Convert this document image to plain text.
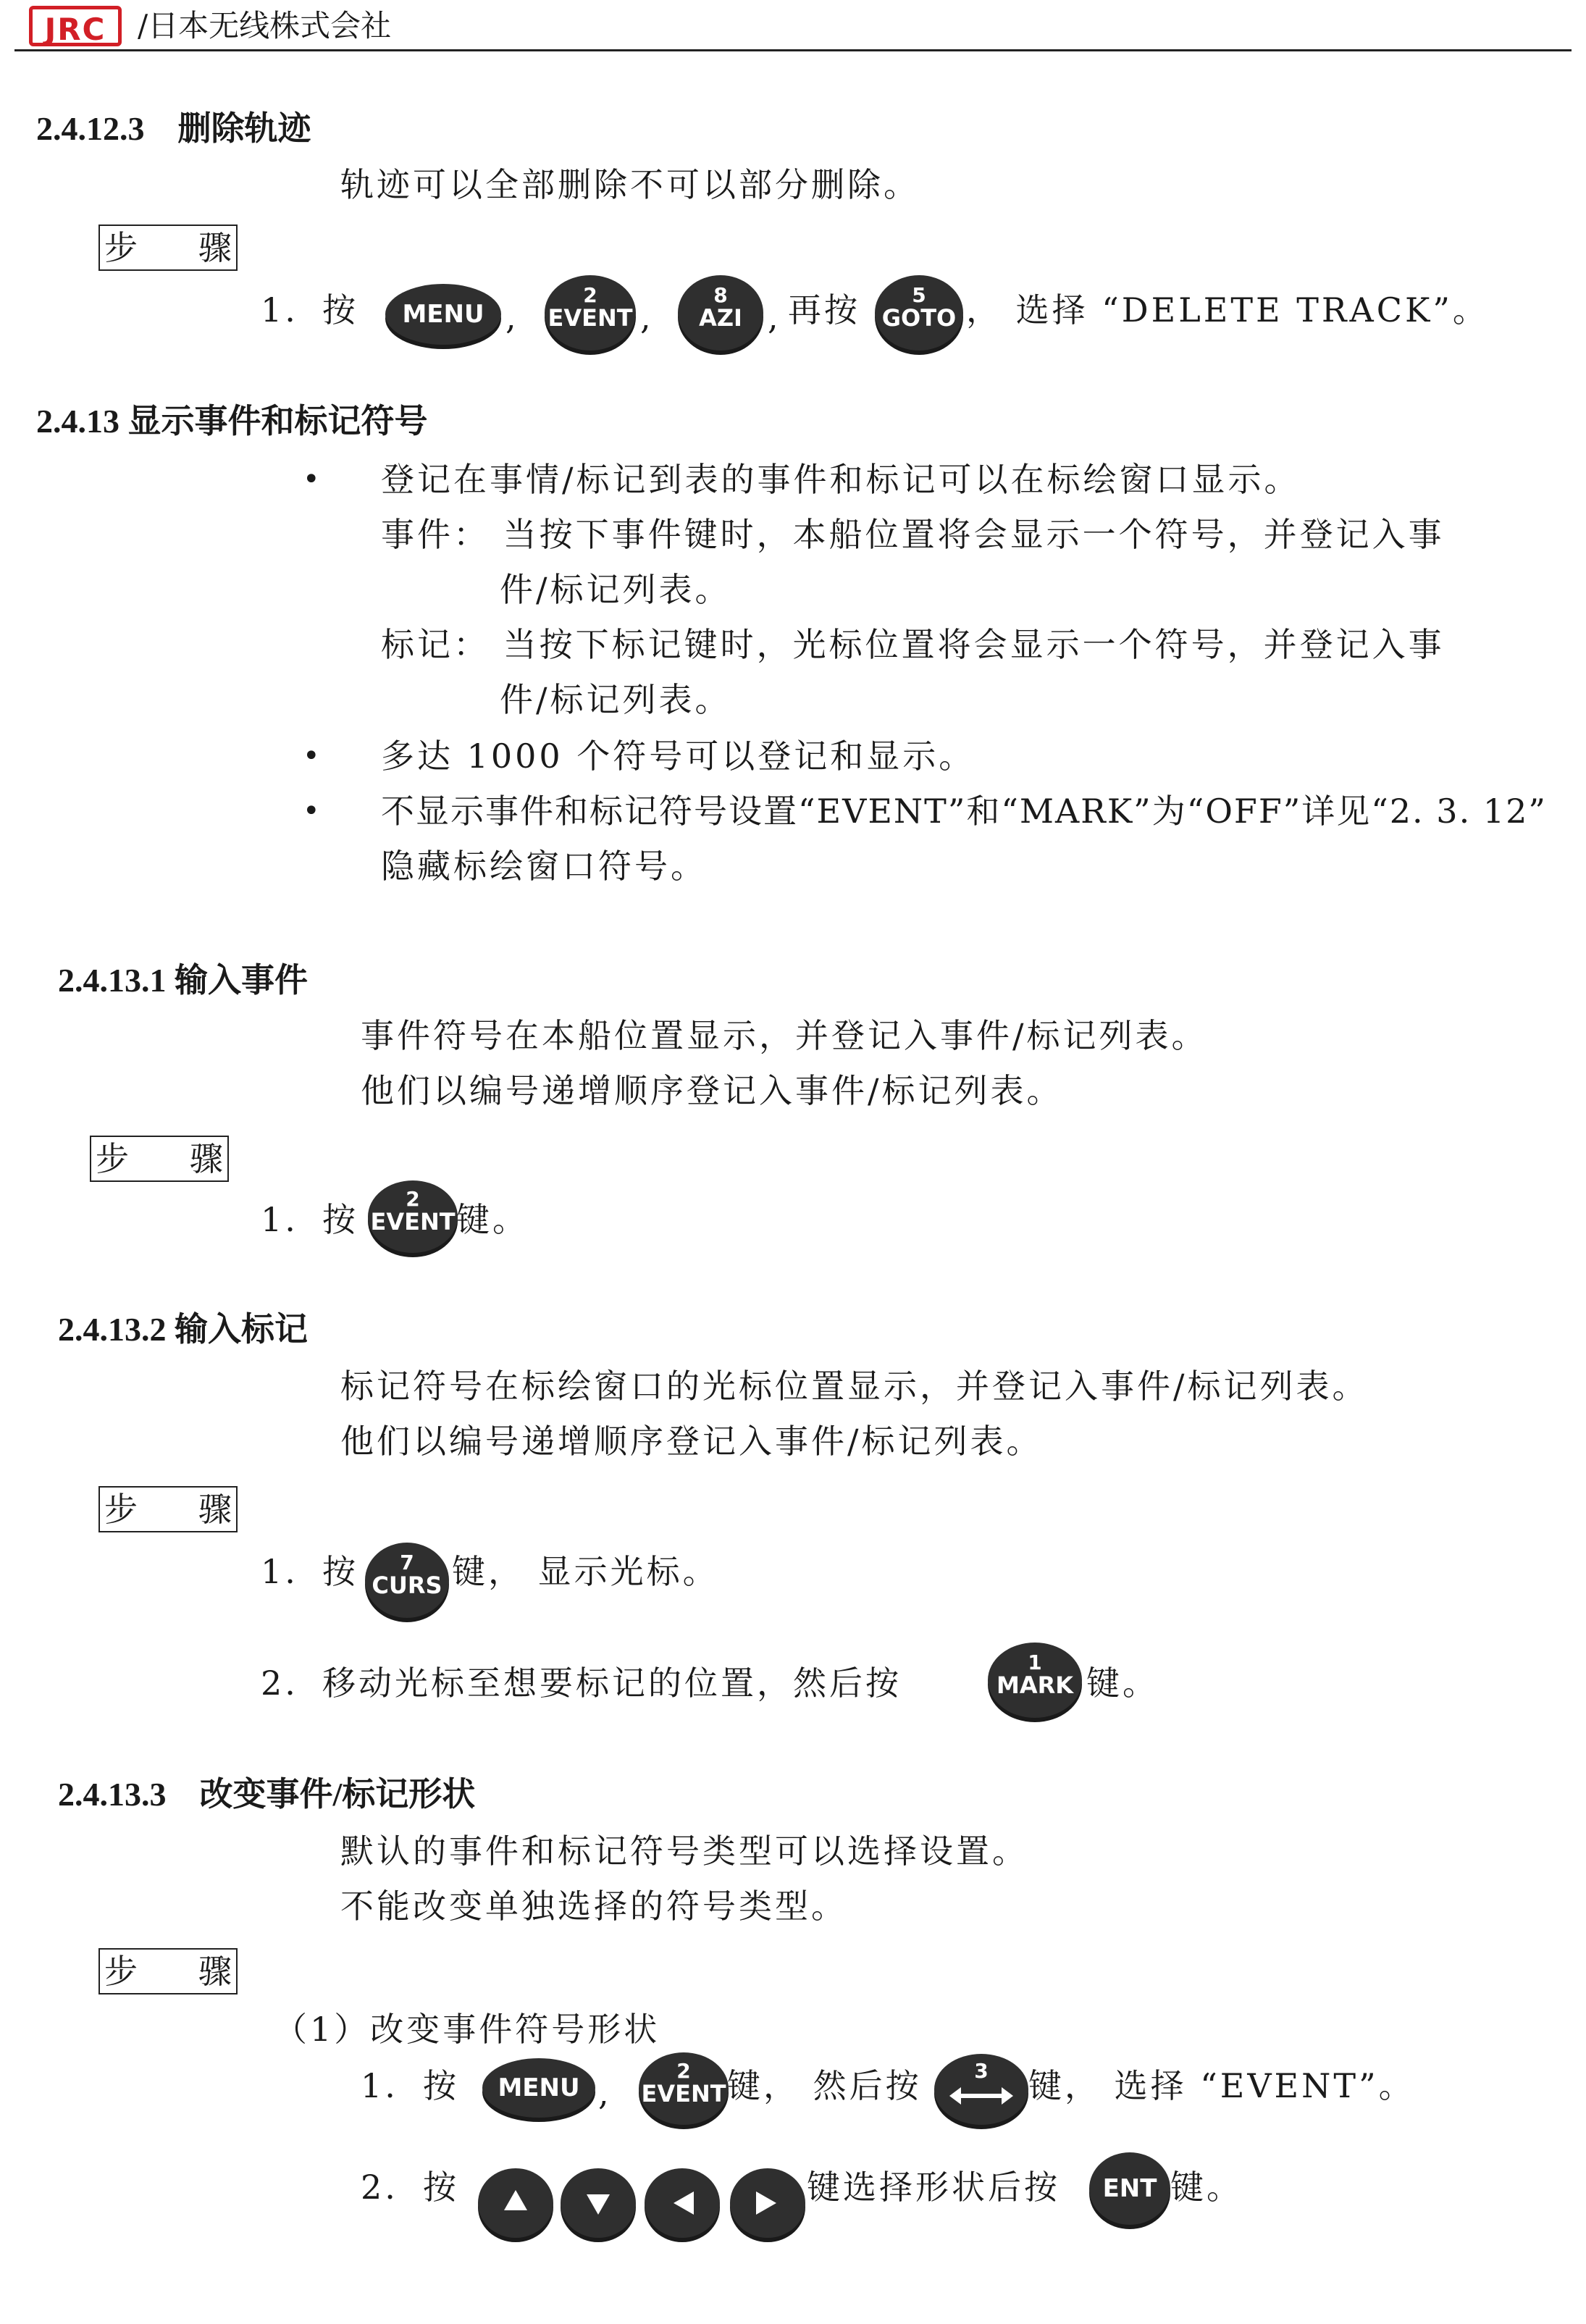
JRC	/日本无线株式会社
2.4.12.3　删除轨迹
轨迹可以全部删除不可以部分删除。
步 骤
1. 按	MENU ,
2
EVENT ,
8
AZI , 再按	5
GOTO ， 选择 “DELETE TRACK”。
2.4.13 显示事件和标记符号
• 登记在事情/标记到表的事件和标记可以在标绘窗口显示。
事件： 当按下事件键时，本船位置将会显示一个符号，并登记入事
件/标记列表。
标记： 当按下标记键时，光标位置将会显示一个符号，并登记入事
件/标记列表。
• 多达 1000 个符号可以登记和显示。
• 不显示事件和标记符号设置“EVENT”和“MARK”为“OFF”详见“2. 3. 12”
隐藏标绘窗口符号。
2.4.13.1 输入事件
事件符号在本船位置显示，并登记入事件/标记列表。
他们以编号递增顺序登记入事件/标记列表。
步 骤
1. 按
2
EVENT 键。
2.4.13.2 输入标记
标记符号在标绘窗口的光标位置显示，并登记入事件/标记列表。
他们以编号递增顺序登记入事件/标记列表。
步 骤
1. 按	7
CURS 键， 显示光标。
2. 移动光标至想要标记的位置，然后按
1
MARK 键。
2.4.13.3　改变事件/标记形状
默认的事件和标记符号类型可以选择设置。
不能改变单独选择的符号类型。
步 骤
（1）改变事件符号形状
1. 按	MENU ,
2
EVENT 键， 然后按	3	键， 选择 “EVENT”。
2. 按	键选择形状后按	ENT 键。
